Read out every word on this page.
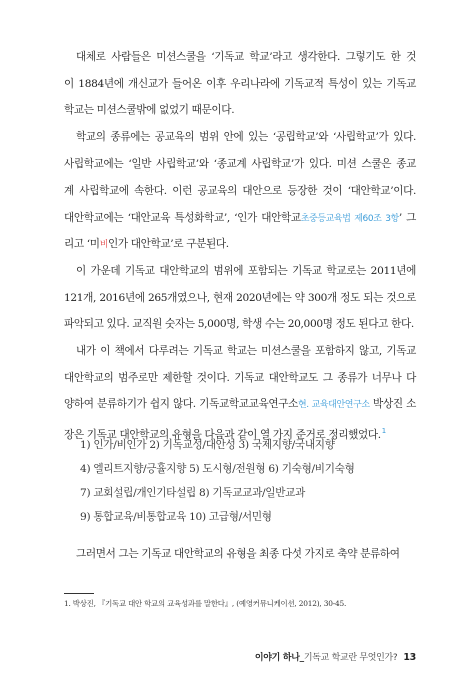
대체로 사람들은 미션스쿨을 ‘기독교 학교’라고 생각한다. 그렇기도 한 것
이 1884년에 개신교가 들어온 이후 우리나라에 기독교적 특성이 있는 기독교
학교는 미션스쿨밖에 없었기 때문이다.
학교의 종류에는 공교육의 범위 안에 있는 ‘공립학교’와 ‘사립학교’가 있다.
사립학교에는 ‘일반 사립학교’와 ‘종교계 사립학교’가 있다. 미션 스쿨은 종교
계 사립학교에 속한다. 이런 공교육의 대안으로 등장한 것이 ‘대안학교’이다.
대안학교에는 ‘대안교육 특성화학교’, ‘인가 대안학교초중등교육법 제60조 3항’ 그
리고 ‘미비인가 대안학교’로 구분된다.
이 가운데 기독교 대안학교의 범위에 포함되는 기독교 학교로는 2011년에
121개, 2016년에 265개였으나, 현재 2020년에는 약 300개 정도 되는 것으로
파악되고 있다. 교직원 숫자는 5,000명, 학생 수는 20,000명 정도 된다고 한다.
내가 이 책에서 다루려는 기독교 학교는 미션스쿨을 포함하지 않고, 기독교
대안학교의 범주로만 제한할 것이다. 기독교 대안학교도 그 종류가 너무나 다
양하여 분류하기가 쉽지 않다. 기독교학교교육연구소현. 교육대안연구소 박상진 소
장은 기독교 대안학교의 유형을 다음과 같이 열 가지 준거로 정리했었다.$^1$
1) 인가/비인가 2) 기독교성/대안성 3) 국제지향/국내지향
4) 엘리트지향/긍휼지향 5) 도시형/전원형 6) 기숙형/비기숙형
7) 교회설립/개인기타설립 8) 기독교교과/일반교과
9) 통합교육/비통합교육 10) 고급형/서민형
1. 박상진, 『기독교 대안 학교의 교육성과를 말한다』, (예영커뮤니케이션, 2012), 30-45.
이야기 하나_기독교 학교란 무엇인가? 13
그러면서 그는 기독교 대안학교의 유형을 최종 다섯 가지로 축약 분류하여
